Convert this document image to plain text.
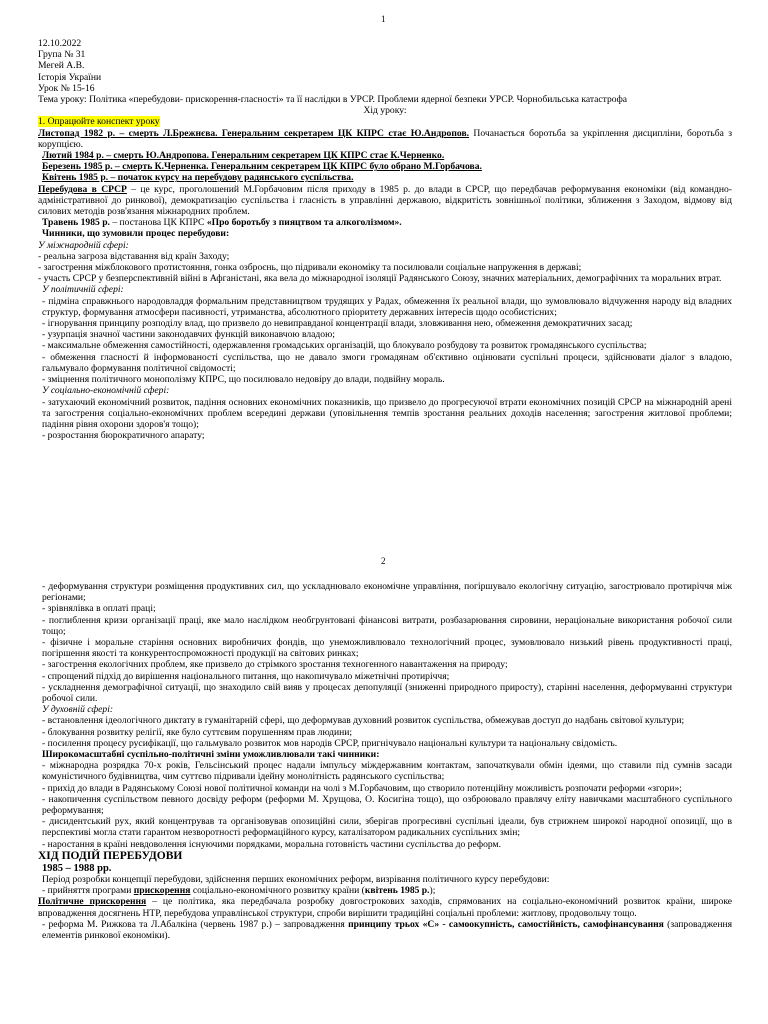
1

12.10.2022

Група № 31

Мегей А.В.

Історія України

Урок № 15-16

Тема уроку: Політика «перебудови- прискорення-гласності» та її наслідки в УРСР. Проблеми ядерної безпеки УРСР. Чорнобильська катастрофа

Хід уроку:

1. Опрацюйте конспект уроку

Листопад 1982 р. – смерть Л.Брежнєва. Генеральним секретарем ЦК КПРС стає Ю.Андропов. Почанається боротьба за укріплення дисципліни, боротьба з корупцією.

Лютий 1984 р. – смерть Ю.Андропова. Генеральним секретарем ЦК КПРС стає К.Черненко.

Березень 1985 р. – смерть К.Черненка. Генеральним секретарем ЦК КПРС було обрано М.Горбачова.

Квітень 1985 р. – початок курсу на перебудову радянського суспільства.

Перебудова в СРСР – це курс, проголошений М.Горбачовим після приходу в 1985 р. до влади в СРСР, що передбачав реформування економіки (від командно-адміністративної до ринкової), демократизацію суспільства і гласність в управлінні державою, відкритість зовнішньої політики, зближення з Заходом, відмову від силових методів розв'язання міжнародних проблем.

Травень 1985 р. – постанова ЦК КПРС «Про боротьбу з пияцтвом та алкоголізмом».

Чинники, що зумовили процес перебудови:

У міжнародній сфері:

- реальна загроза відставання від країн Заходу;

- загострення міжблокового протистояння, гонка озброєнь, що підривали економіку та посилювали соціальне напруження в державі;

- участь СРСР у безперспективній війні в Афганістані, яка вела до міжнародної ізоляції Радянського Союзу, значних матеріальних, демографічних та моральних втрат.

У політичній сфері:

- підміна справжнього народовладдя формальним представництвом трудящих у Радах, обмеження їх реальної влади, що зумовлювало відчуження народу від владних структур, формування атмосфери пасивності, утриманства, абсолютного пріоритету державних інтересів щодо особистісних;

- ігнорування принципу розподілу влад, що призвело до невиправданої концентрації влади, зловживання нею, обмеження демократичних засад;

- узурпація значної частини законодавчих функцій виконавчою владою;

- максимальне обмеження самостійності, одержавлення громадських організацій, що блокувало розбудову та розвиток громадянського суспільства;

- обмеження гласності й інформованості суспільства, що не давало змоги громадянам об'єктивно оцінювати суспільні процеси, здійснювати діалог з владою, гальмувало формування політичної свідомості;

- зміцнення політичного монополізму КПРС, що посилювало недовіру до влади, подвійну мораль.

У соціально-економічній сфері:

- затухаючий економічний розвиток, падіння основних економічних показників, що призвело до прогресуючої втрати економічних позицій СРСР на міжнародній арені та загострення соціально-економічних проблем всередині держави (уповільнення темпів зростання реальних доходів населення; загострення житлової проблеми; падіння рівня охорони здоров'я тощо);

- розростання бюрократичного апарату;

2

- деформування структури розміщення продуктивних сил, що ускладнювало економічне управління, погіршувало екологічну ситуацію, загострювало протиріччя між регіонами;

- зрівнялівка в оплаті праці;

- поглиблення кризи організації праці, яке мало наслідком необгрунтовані фінансові витрати, розбазарювання сировини, нераціональне використання робочої сили тощо;

- фізичне і моральне старіння основних виробничих фондів, що унеможливлювало технологічний процес, зумовлювало низький рівень продуктивності праці, погіршення якості та конкурентоспроможності продукції на світових ринках;

- загострення екологічних проблем, яке призвело до стрімкого зростання техногенного навантаження на природу;

- спрощений підхід до вирішення національного питання, що накопичувало міжетнічні протиріччя;

- ускладнення демографічної ситуації, що знаходило свій вияв у процесах депопуляції (зниженні природного приросту), старінні населення, деформуванні структури робочої сили.

У духовній сфері:

- встановлення ідеологічного диктату в гуманітарній сфері, що деформував духовний розвиток суспільства, обмежував доступ до надбань світової культури;

- блокування розвитку релігії, яке було суттєвим порушенням прав людини;

- посилення процесу русифікації, що гальмувало розвиток мов народів СРСР, пригнічувало національні культури та національну свідомість.

Широкомасштабні суспільно-політичні зміни уможливлювали такі чинники:

- міжнародна розрядка 70-х років, Гельсінський процес надали імпульсу міждержавним контактам, започаткували обмін ідеями, що ставили під сумнів засади комуністичного будівництва, чим суттєво підривали ідейну монолітність радянського суспільства;

- прихід до влади в Радянському Союзі нової політичної команди на чолі з М.Горбачовим, що створило потенційну можливість розпочати реформи «згори»;

- накопичення суспільством певного досвіду реформ (реформи М. Хрущова, О. Косигіна тощо), що озброювало правлячу еліту навичками масштабного суспільного реформування;

- дисидентський рух, який концентрував та організовував опозиційні сили, зберігав прогресивні суспільні ідеали, був стрижнем широкої народної опозиції, що в перспективі могла стати гарантом незворотності реформаційного курсу, каталізатором радикальних суспільних змін;

- наростання в країні невдоволення існуючими порядками, моральна готовність частини суспільства до реформ.

ХІД ПОДІЙ ПЕРЕБУДОВИ

1985 – 1988 рр.

Період розробки концепції перебудови, здійснення перших економічних реформ, визрівання політичного курсу перебудови:

- прийняття програми прискорення соціально-економічного розвитку країни (квітень 1985 р.);

Політичне прискорення – це політика, яка передбачала розробку довгострокових заходів, спрямованих на соціально-економічний розвиток країни, широке впровадження досягнень НТР, перебудова управлінської структури, спроби вирішити традиційні соціальні проблеми: житлову, продовольчу тощо.

- реформа М. Рижкова та Л.Абалкіна (червень 1987 р.) – запровадження принципу трьох «С» - самоокупність, самостійність, самофінансування (запровадження елементів ринкової економіки).
